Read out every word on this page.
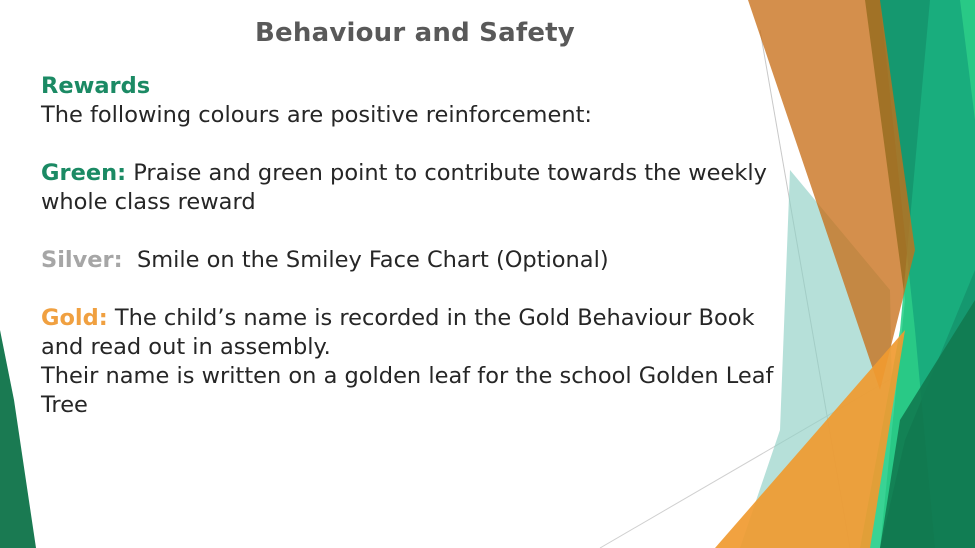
Behaviour and Safety

Rewards

The following colours are positive reinforcement:

Green: Praise and green point to contribute towards the weekly whole class reward

Silver:  Smile on the Smiley Face Chart (Optional)

Gold: The child’s name is recorded in the Gold Behaviour Book and read out in assembly.

Their name is written on a golden leaf for the school Golden Leaf Tree
